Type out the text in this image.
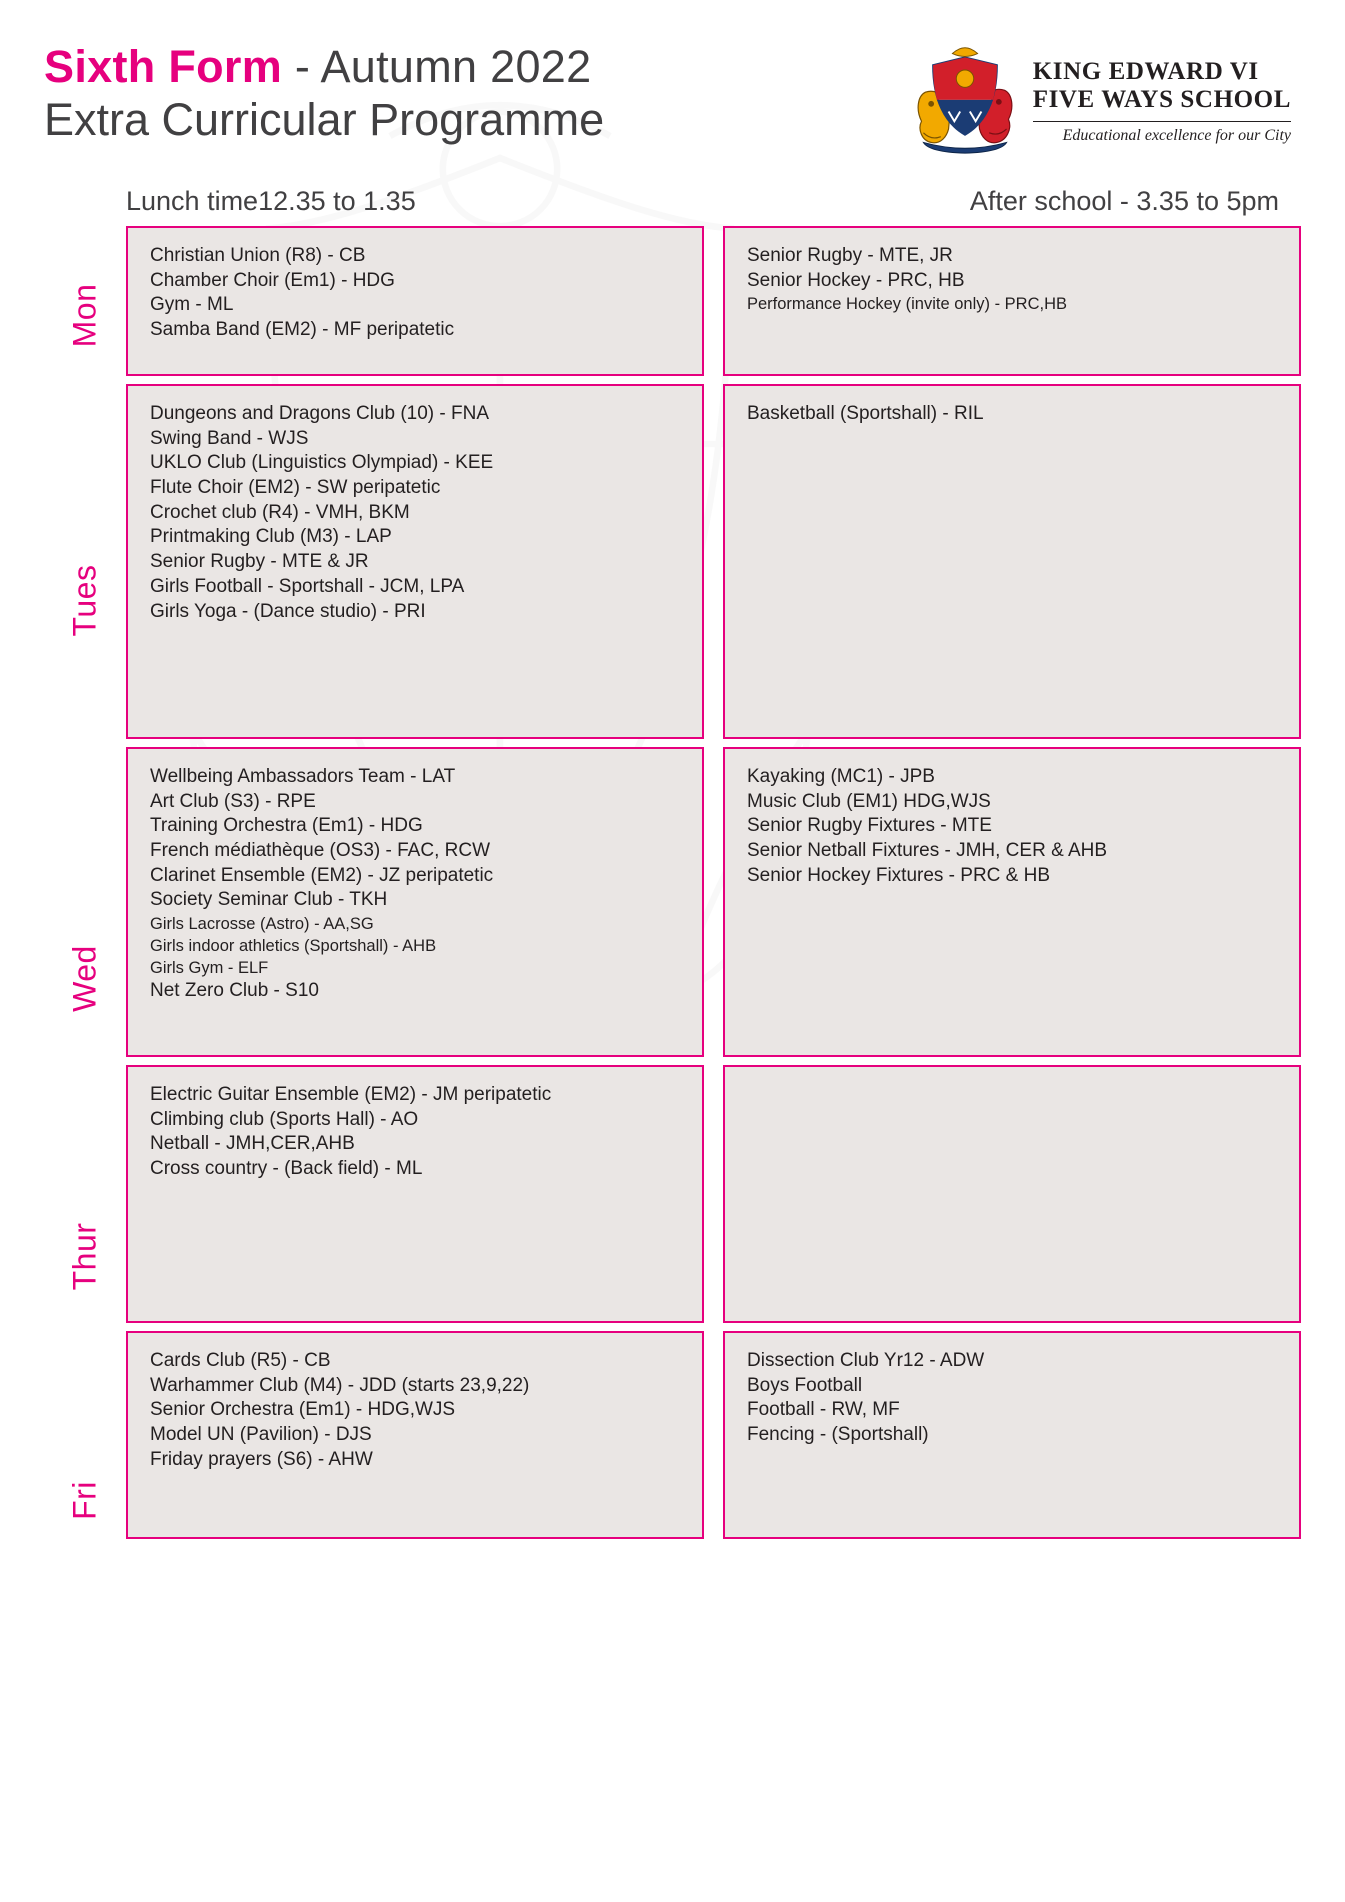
Sixth Form - Autumn 2022
Extra Curricular Programme
KING EDWARD VI
FIVE WAYS SCHOOL
Educational excellence for our City
Lunch time12.35 to 1.35	After school - 3.35 to 5pm
Mon
Christian Union (R8) - CB
Chamber Choir (Em1) - HDG
Gym - ML
Samba Band (EM2) - MF peripatetic
Senior Rugby - MTE, JR
Senior Hockey - PRC, HB
Performance Hockey (invite only) - PRC,HB
Tues
Dungeons and Dragons Club (10) - FNA
Swing Band - WJS
UKLO Club (Linguistics Olympiad) - KEE
Flute Choir (EM2) - SW peripatetic
Crochet club (R4) - VMH, BKM
Printmaking Club (M3) - LAP
Senior Rugby - MTE & JR
Girls Football - Sportshall - JCM, LPA
Girls Yoga - (Dance studio) - PRI
Basketball (Sportshall) - RIL
Wed
Wellbeing Ambassadors Team - LAT
Art Club (S3) - RPE
Training Orchestra (Em1) - HDG
French médiathèque (OS3) - FAC, RCW
Clarinet Ensemble (EM2) - JZ peripatetic
Society Seminar Club - TKH
Girls Lacrosse (Astro) - AA,SG
Girls indoor athletics (Sportshall) - AHB
Girls Gym - ELF
Net Zero Club - S10
Kayaking (MC1) - JPB
Music Club (EM1) HDG,WJS
Senior Rugby Fixtures - MTE
Senior Netball Fixtures - JMH, CER & AHB
Senior Hockey Fixtures - PRC & HB
Thur
Electric Guitar Ensemble (EM2) - JM peripatetic
Climbing club (Sports Hall) - AO
Netball - JMH,CER,AHB
Cross country - (Back field) - ML
Fri
Cards Club (R5) - CB
Warhammer Club (M4) - JDD (starts 23,9,22)
Senior Orchestra (Em1) - HDG,WJS
Model UN (Pavilion) - DJS
Friday prayers (S6) - AHW
Dissection Club Yr12 - ADW
Boys Football
Football - RW, MF
Fencing - (Sportshall)
